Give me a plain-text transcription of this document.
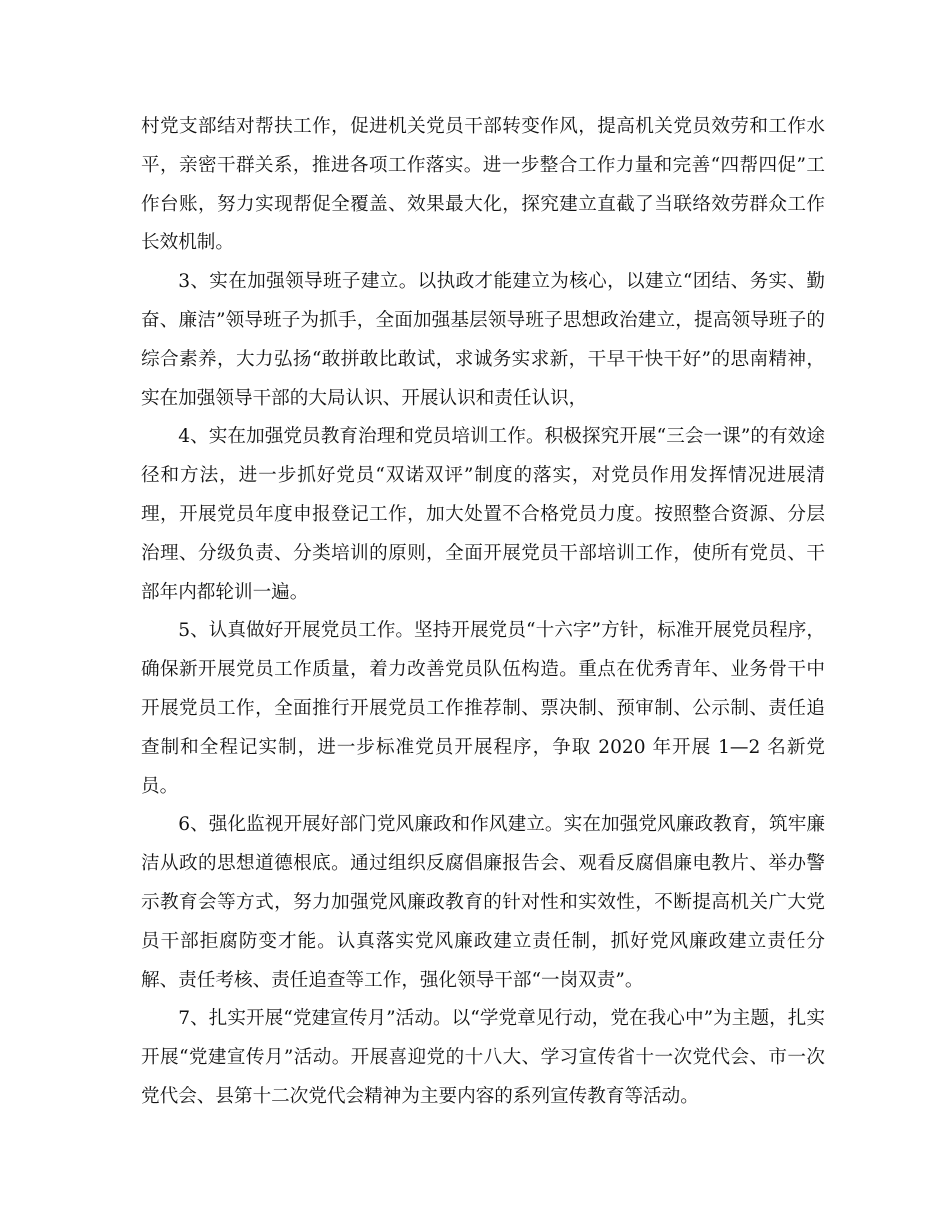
村党支部结对帮扶工作，促进机关党员干部转变作风，提高机关党员效劳和工作水平，亲密干群关系，推进各项工作落实。进一步整合工作力量和完善“四帮四促”工作台账，努力实现帮促全覆盖、效果最大化，探究建立直截了当联络效劳群众工作长效机制。

3、实在加强领导班子建立。以执政才能建立为核心，以建立“团结、务实、勤奋、廉洁”领导班子为抓手，全面加强基层领导班子思想政治建立，提高领导班子的综合素养，大力弘扬“敢拼敢比敢试，求诚务实求新，干早干快干好”的思南精神，实在加强领导干部的大局认识、开展认识和责任认识，

4、实在加强党员教育治理和党员培训工作。积极探究开展“三会一课”的有效途径和方法，进一步抓好党员“双诺双评”制度的落实，对党员作用发挥情况进展清理，开展党员年度申报登记工作，加大处置不合格党员力度。按照整合资源、分层治理、分级负责、分类培训的原则，全面开展党员干部培训工作，使所有党员、干部年内都轮训一遍。

5、认真做好开展党员工作。坚持开展党员“十六字”方针，标准开展党员程序，确保新开展党员工作质量，着力改善党员队伍构造。重点在优秀青年、业务骨干中开展党员工作，全面推行开展党员工作推荐制、票决制、预审制、公示制、责任追查制和全程记实制，进一步标准党员开展程序，争取 2020 年开展 1—2 名新党员。

6、强化监视开展好部门党风廉政和作风建立。实在加强党风廉政教育，筑牢廉洁从政的思想道德根底。通过组织反腐倡廉报告会、观看反腐倡廉电教片、举办警示教育会等方式，努力加强党风廉政教育的针对性和实效性，不断提高机关广大党员干部拒腐防变才能。认真落实党风廉政建立责任制，抓好党风廉政建立责任分解、责任考核、责任追查等工作，强化领导干部“一岗双责”。

7、扎实开展“党建宣传月”活动。以“学党章见行动，党在我心中”为主题，扎实开展“党建宣传月”活动。开展喜迎党的十八大、学习宣传省十一次党代会、市一次党代会、县第十二次党代会精神为主要内容的系列宣传教育等活动。
